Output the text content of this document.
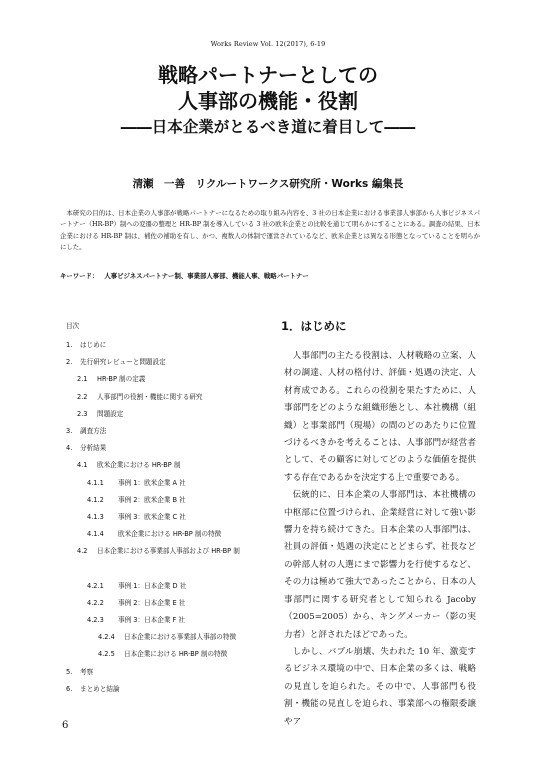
Works Review Vol. 12(2017), 6-19
戦略パートナーとしての
人事部の機能・役割
――日本企業がとるべき道に着目して――
清瀬　一善　リクルートワークス研究所・Works 編集長
本研究の目的は、日本企業の人事部が戦略パートナーになるための取り組み内容を、3 社の日本企業における事業部人事部から人事ビジネスパートナー（HR-BP）制への変遷の整理と HR-BP 制を導入している 3 社の欧米企業との比較を通じて明らかにすることにある。調査の結果、日本企業における HR-BP 制は、補佐の補助を有し、かつ、複数人の体制で運営されているなど、欧米企業とは異なる形態となっていることを明らかにした。
キーワード： 人事ビジネスパートナー制、事業部人事部、機能人事、戦略パートナー
目次
1.	はじめに
2.	先行研究レビューと問題設定
2.1	HR-BP 制の定義
2.2	人事部門の役割・機能に関する研究
2.3	問題設定
3.	調査方法
4.	分析結果
4.1	欧米企業における HR-BP 制
4.1.1	事例 1：欧米企業 A 社
4.1.2	事例 2：欧米企業 B 社
4.1.3	事例 3：欧米企業 C 社
4.1.4	欧米企業における HR-BP 制の特徴
4.2	日本企業における事業部人事部および HR-BP 制
4.2.1	事例 1：日本企業 D 社
4.2.2	事例 2：日本企業 E 社
4.2.3	事例 3：日本企業 F 社
4.2.4	日本企業における事業部人事部の特徴
4.2.5	日本企業における HR-BP 制の特徴
5.	考察
6.	まとめと結論
1．はじめに

人事部門の主たる役割は、人材戦略の立案、人材の調達、人材の格付け、評価・処遇の決定、人材育成である。これらの役割を果たすために、人事部門をどのような組織形態とし、本社機構（組織）と事業部門（現場）の間のどのあたりに位置づけるべきかを考えることは、人事部門が経営者として、その顧客に対してどのような価値を提供する存在であるかを決定する上で重要である。

伝統的に、日本企業の人事部門は、本社機構の中枢部に位置づけられ、企業経営に対して強い影響力を持ち続けてきた。日本企業の人事部門は、社員の評価・処遇の決定にとどまらず、社長などの幹部人材の人選にまで影響力を行使するなど、その力は極めて強大であったことから、日本の人事部門に関する研究者として知られる Jacoby（2005=2005）から、キングメーカー（影の実力者）と評されたほどであった。

しかし、バブル崩壊、失われた 10 年、激変するビジネス環境の中で、日本企業の多くは、戦略の見直しを迫られた。その中で、人事部門も役割・機能の見直しを迫られ、事業部への権限委譲やア

6
